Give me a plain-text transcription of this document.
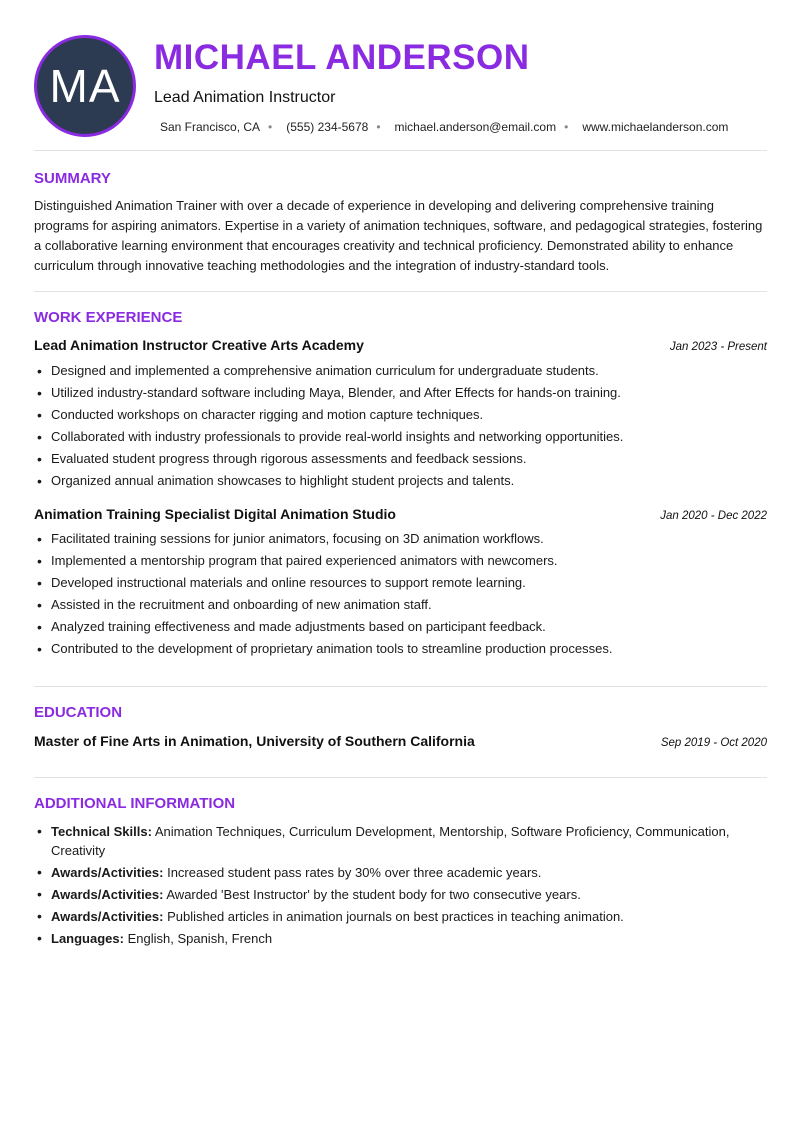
MA
MICHAEL ANDERSON
Lead Animation Instructor
San Francisco, CA • (555) 234-5678 • michael.anderson@email.com • www.michaelanderson.com
SUMMARY
Distinguished Animation Trainer with over a decade of experience in developing and delivering comprehensive training programs for aspiring animators. Expertise in a variety of animation techniques, software, and pedagogical strategies, fostering a collaborative learning environment that encourages creativity and technical proficiency. Demonstrated ability to enhance curriculum through innovative teaching methodologies and the integration of industry-standard tools.
WORK EXPERIENCE
Lead Animation Instructor Creative Arts Academy	Jan 2023 - Present
• Designed and implemented a comprehensive animation curriculum for undergraduate students.
• Utilized industry-standard software including Maya, Blender, and After Effects for hands-on training.
• Conducted workshops on character rigging and motion capture techniques.
• Collaborated with industry professionals to provide real-world insights and networking opportunities.
• Evaluated student progress through rigorous assessments and feedback sessions.
• Organized annual animation showcases to highlight student projects and talents.
Animation Training Specialist Digital Animation Studio	Jan 2020 - Dec 2022
• Facilitated training sessions for junior animators, focusing on 3D animation workflows.
• Implemented a mentorship program that paired experienced animators with newcomers.
• Developed instructional materials and online resources to support remote learning.
• Assisted in the recruitment and onboarding of new animation staff.
• Analyzed training effectiveness and made adjustments based on participant feedback.
• Contributed to the development of proprietary animation tools to streamline production processes.
EDUCATION
Master of Fine Arts in Animation, University of Southern California	Sep 2019 - Oct 2020
ADDITIONAL INFORMATION
• Technical Skills: Animation Techniques, Curriculum Development, Mentorship, Software Proficiency, Communication, Creativity
• Awards/Activities: Increased student pass rates by 30% over three academic years.
• Awards/Activities: Awarded 'Best Instructor' by the student body for two consecutive years.
• Awards/Activities: Published articles in animation journals on best practices in teaching animation.
• Languages: English, Spanish, French
